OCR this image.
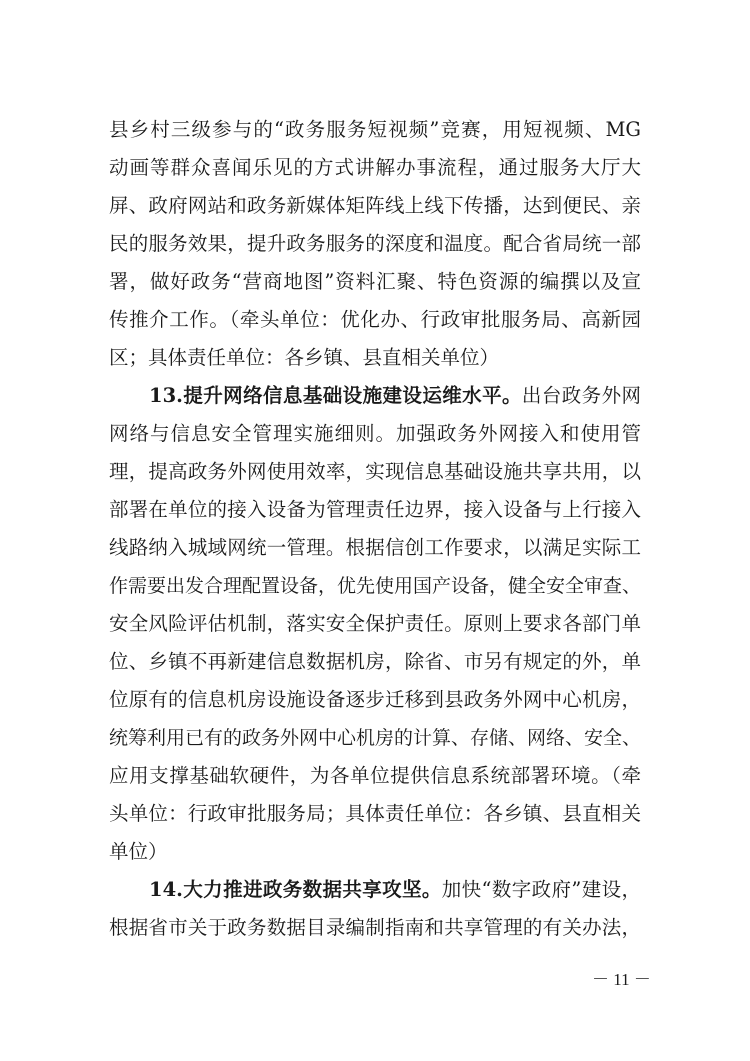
县乡村三级参与的“政务服务短视频”竞赛，用短视频、MG
动画等群众喜闻乐见的方式讲解办事流程，通过服务大厅大
屏、政府网站和政务新媒体矩阵线上线下传播，达到便民、亲
民的服务效果，提升政务服务的深度和温度。配合省局统一部
署，做好政务“营商地图”资料汇聚、特色资源的编撰以及宣
传推介工作。（牵头单位：优化办、行政审批服务局、高新园
区；具体责任单位：各乡镇、县直相关单位）
13.提升网络信息基础设施建设运维水平。出台政务外网
网络与信息安全管理实施细则。加强政务外网接入和使用管
理，提高政务外网使用效率，实现信息基础设施共享共用，以
部署在单位的接入设备为管理责任边界，接入设备与上行接入
线路纳入城域网统一管理。根据信创工作要求，以满足实际工
作需要出发合理配置设备，优先使用国产设备，健全安全审查、
安全风险评估机制，落实安全保护责任。原则上要求各部门单
位、乡镇不再新建信息数据机房，除省、市另有规定的外，单
位原有的信息机房设施设备逐步迁移到县政务外网中心机房，
统筹利用已有的政务外网中心机房的计算、存储、网络、安全、
应用支撑基础软硬件，为各单位提供信息系统部署环境。（牵
头单位：行政审批服务局；具体责任单位：各乡镇、县直相关
单位）
14.大力推进政务数据共享攻坚。加快“数字政府”建设，
根据省市关于政务数据目录编制指南和共享管理的有关办法，
－ 11 －
